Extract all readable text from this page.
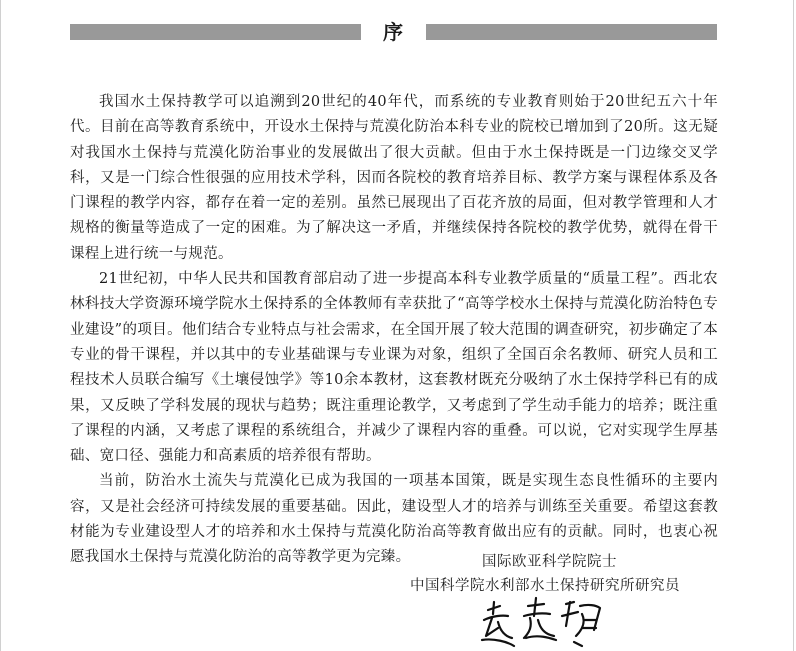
序

我国水土保持教学可以追溯到20世纪的40年代，而系统的专业教育则始于20世纪五六十年代。目前在高等教育系统中，开设水土保持与荒漠化防治本科专业的院校已增加到了20所。这无疑对我国水土保持与荒漠化防治事业的发展做出了很大贡献。但由于水土保持既是一门边缘交叉学科，又是一门综合性很强的应用技术学科，因而各院校的教育培养目标、教学方案与课程体系及各门课程的教学内容，都存在着一定的差别。虽然已展现出了百花齐放的局面，但对教学管理和人才规格的衡量等造成了一定的困难。为了解决这一矛盾，并继续保持各院校的教学优势，就得在骨干课程上进行统一与规范。

21世纪初，中华人民共和国教育部启动了进一步提高本科专业教学质量的“质量工程”。西北农林科技大学资源环境学院水土保持系的全体教师有幸获批了“高等学校水土保持与荒漠化防治特色专业建设”的项目。他们结合专业特点与社会需求，在全国开展了较大范围的调查研究，初步确定了本专业的骨干课程，并以其中的专业基础课与专业课为对象，组织了全国百余名教师、研究人员和工程技术人员联合编写《土壤侵蚀学》等10余本教材，这套教材既充分吸纳了水土保持学科已有的成果，又反映了学科发展的现状与趋势；既注重理论教学，又考虑到了学生动手能力的培养；既注重了课程的内涵，又考虑了课程的系统组合，并减少了课程内容的重叠。可以说，它对实现学生厚基础、宽口径、强能力和高素质的培养很有帮助。

当前，防治水土流失与荒漠化已成为我国的一项基本国策，既是实现生态良性循环的主要内容，又是社会经济可持续发展的重要基础。因此，建设型人才的培养与训练至关重要。希望这套教材能为专业建设型人才的培养和水土保持与荒漠化防治高等教育做出应有的贡献。同时，也衷心祝愿我国水土保持与荒漠化防治的高等教学更为完臻。	国际欧亚科学院院士
中国科学院水利部水土保持研究所研究员
